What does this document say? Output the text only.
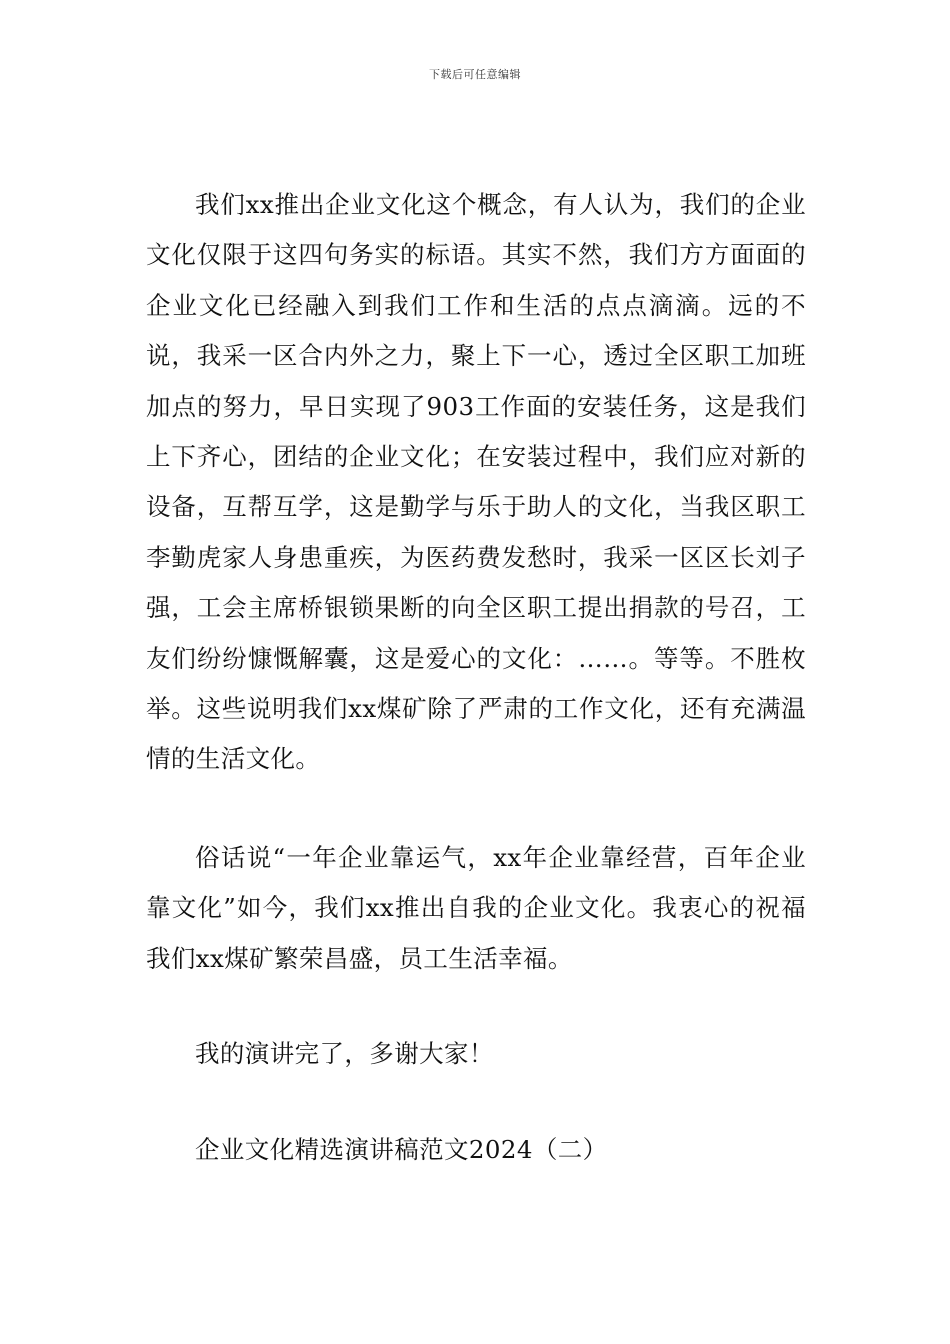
下载后可任意编辑

我们xx推出企业文化这个概念，有人认为，我们的企业文化仅限于这四句务实的标语。其实不然，我们方方面面的企业文化已经融入到我们工作和生活的点点滴滴。远的不说，我采一区合内外之力，聚上下一心，透过全区职工加班加点的努力，早日实现了903工作面的安装任务，这是我们上下齐心，团结的企业文化；在安装过程中，我们应对新的设备，互帮互学，这是勤学与乐于助人的文化，当我区职工李勤虎家人身患重疾，为医药费发愁时，我采一区区长刘子强，工会主席桥银锁果断的向全区职工提出捐款的号召，工友们纷纷慷慨解囊，这是爱心的文化：……。等等。不胜枚举。这些说明我们xx煤矿除了严肃的工作文化，还有充满温情的生活文化。

俗话说“一年企业靠运气，xx年企业靠经营，百年企业靠文化”如今，我们xx推出自我的企业文化。我衷心的祝福我们xx煤矿繁荣昌盛，员工生活幸福。

我的演讲完了，多谢大家！

企业文化精选演讲稿范文2024（二）
